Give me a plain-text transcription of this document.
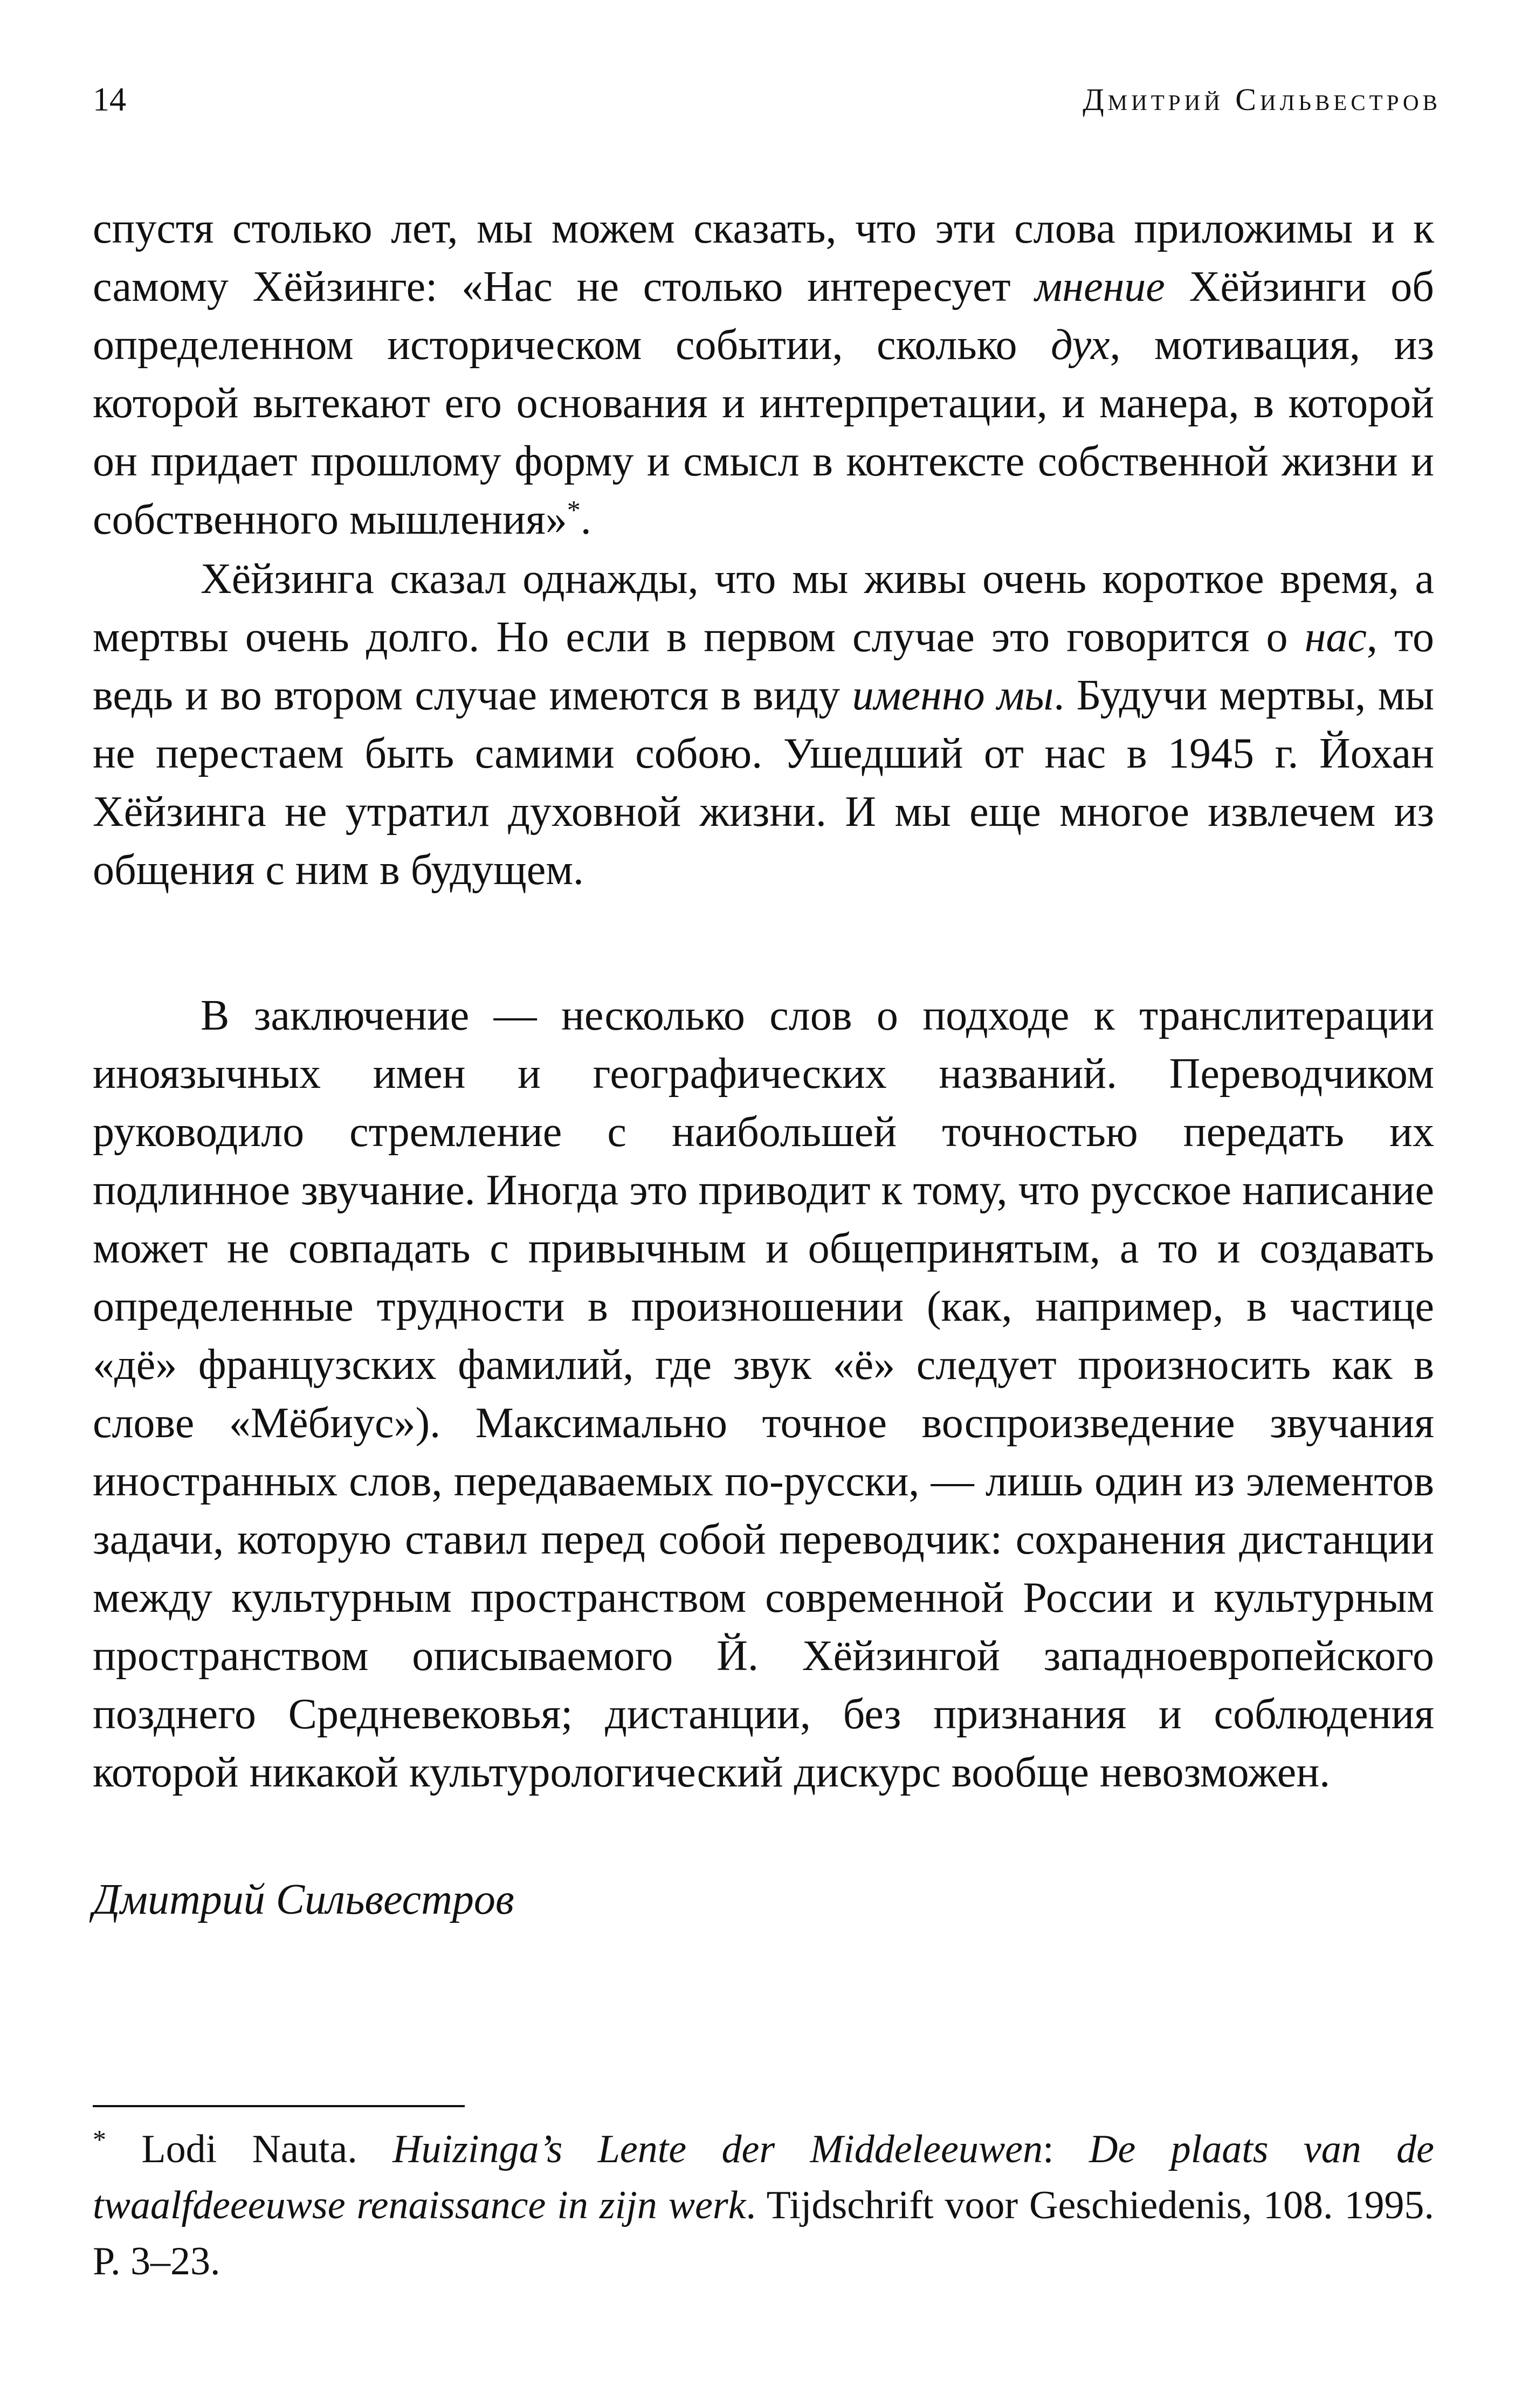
14	Дмитрий Сильвестров

спустя столько лет, мы можем сказать, что эти слова приложимы и к самому Хёйзинге: «Нас не столько интересует мнение Хёйзинги об определенном историческом событии, сколько дух, мотивация, из которой вытекают его основания и интерпретации, и манера, в которой он придает прошлому форму и смысл в контексте собственной жизни и собственного мышления»*.

Хёйзинга сказал однажды, что мы живы очень короткое время, а мертвы очень долго. Но если в первом случае это говорится о нас, то ведь и во втором случае имеются в виду именно мы. Будучи мертвы, мы не перестаем быть самими собою. Ушедший от нас в 1945 г. Йохан Хёйзинга не утратил духовной жизни. И мы еще многое извлечем из общения с ним в будущем.

В заключение — несколько слов о подходе к транслитерации иноязычных имен и географических названий. Переводчиком руководило стремление с наибольшей точностью передать их подлинное звучание. Иногда это приводит к тому, что русское написание может не совпадать с привычным и общепринятым, а то и создавать определенные трудности в произношении (как, например, в частице «дё» французских фамилий, где звук «ё» следует произносить как в слове «Мёбиус»). Максимально точное воспроизведение звучания иностранных слов, передаваемых по-русски, — лишь один из элементов задачи, которую ставил перед собой переводчик: сохранения дистанции между культурным пространством современной России и культурным пространством описываемого Й. Хёйзингой западноевропейского позднего Средневековья; дистанции, без признания и соблюдения которой никакой культурологический дискурс вообще невозможен.

Дмитрий Сильвестров
* Lodi Nauta. Huizinga’s Lente der Middeleeuwen: De plaats van de twaalfdeeeuwse renaissance in zijn werk. Tijdschrift voor Geschiedenis, 108. 1995. P. 3–23.
